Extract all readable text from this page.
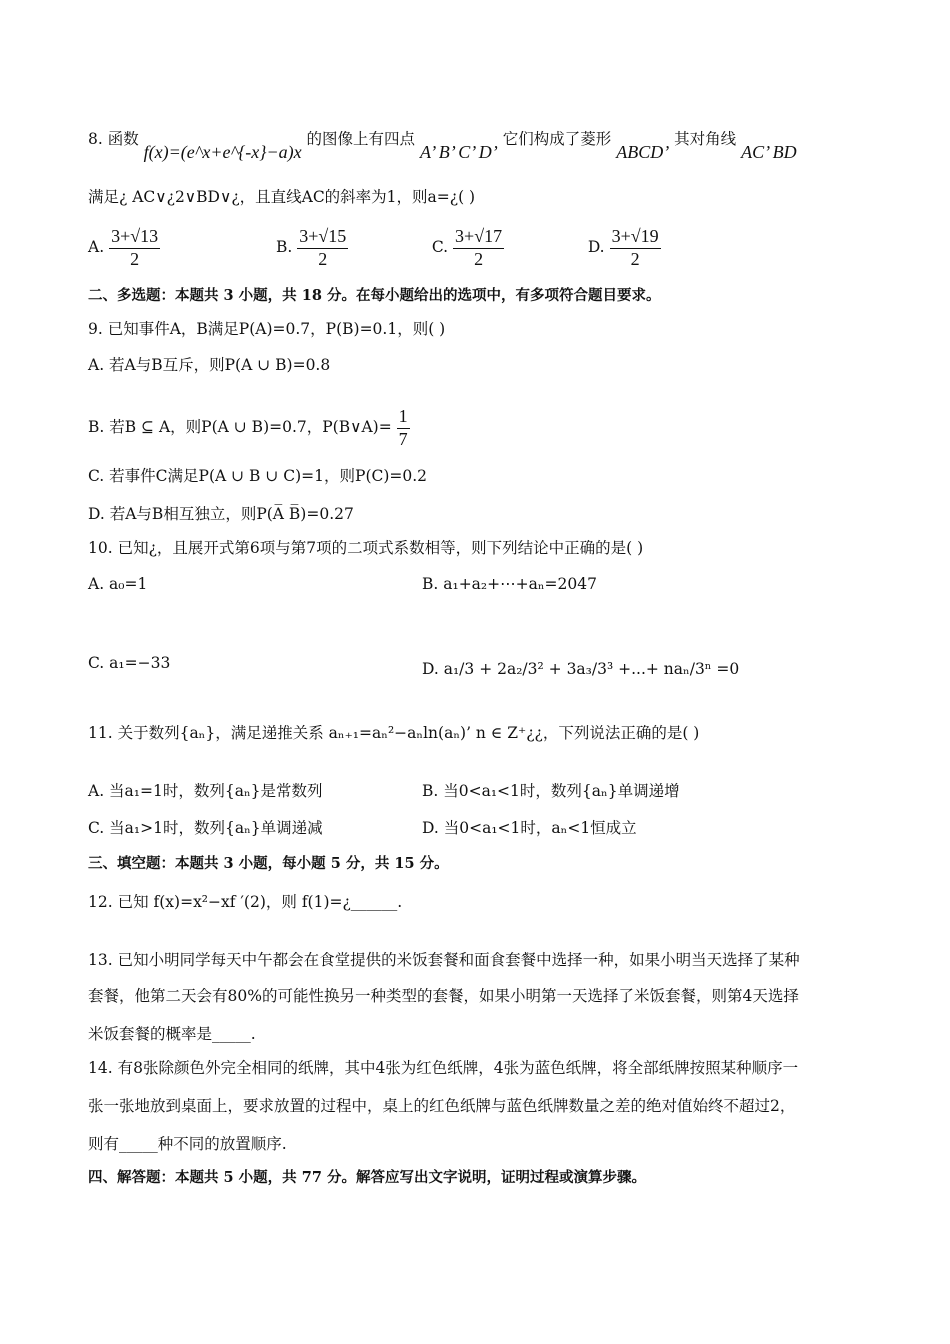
8. 函数 f(x)=(e^x+e^{-x}−a)x 的图像上有四点 A’ B’ C’ D’ 它们构成了菱形 ABCD’ 其对角线 AC’ BD
满足¿ AC∨¿2∨BD∨¿，且直线AC的斜率为1，则a=¿( )
A. $\frac{3+√13}{2}$	B. $\frac{3+√15}{2}$	C. $\frac{3+√17}{2}$	D. $\frac{3+√19}{2}$
二、多选题：本题共 3 小题，共 18 分。在每小题给出的选项中，有多项符合题目要求。
9. 已知事件A，B满足P(A)=0.7，P(B)=0.1，则( )
A. 若A与B互斥，则P(A ∪ B)=0.8
B. 若B ⊆ A，则P(A ∪ B)=0.7，P(B∨A)= $\frac{1}{7}$
C. 若事件C满足P(A ∪ B ∪ C)=1，则P(C)=0.2
D. 若A与B相互独立，则P(A̅ B̅)=0.27
10. 已知¿，且展开式第6项与第7项的二项式系数相等，则下列结论中正确的是( )
A. a₀=1	B. a₁+a₂+⋯+aₙ=2047
C. a₁=−33	D. a₁/3 + 2a₂/3² + 3a₃/3³ +...+ naₙ/3ⁿ =0
11. 关于数列{aₙ}，满足递推关系 aₙ₊₁=aₙ²−aₙln(aₙ)’ n ∈ Z⁺¿¿，下列说法正确的是( )
A. 当a₁=1时，数列{aₙ}是常数列	B. 当0<a₁<1时，数列{aₙ}单调递增
C. 当a₁>1时，数列{aₙ}单调递减	D. 当0<a₁<1时，aₙ<1恒成立
三、填空题：本题共 3 小题，每小题 5 分，共 15 分。
12. 已知 f(x)=x²−xf ′(2)，则 f(1)=¿______.
13. 已知小明同学每天中午都会在食堂提供的米饭套餐和面食套餐中选择一种，如果小明当天选择了某种
套餐，他第二天会有80%的可能性换另一种类型的套餐，如果小明第一天选择了米饭套餐，则第4天选择
米饭套餐的概率是_____.
14. 有8张除颜色外完全相同的纸牌，其中4张为红色纸牌，4张为蓝色纸牌，将全部纸牌按照某种顺序一
张一张地放到桌面上，要求放置的过程中，桌上的红色纸牌与蓝色纸牌数量之差的绝对值始终不超过2，
则有_____种不同的放置顺序.
四、解答题：本题共 5 小题，共 77 分。解答应写出文字说明，证明过程或演算步骤。
